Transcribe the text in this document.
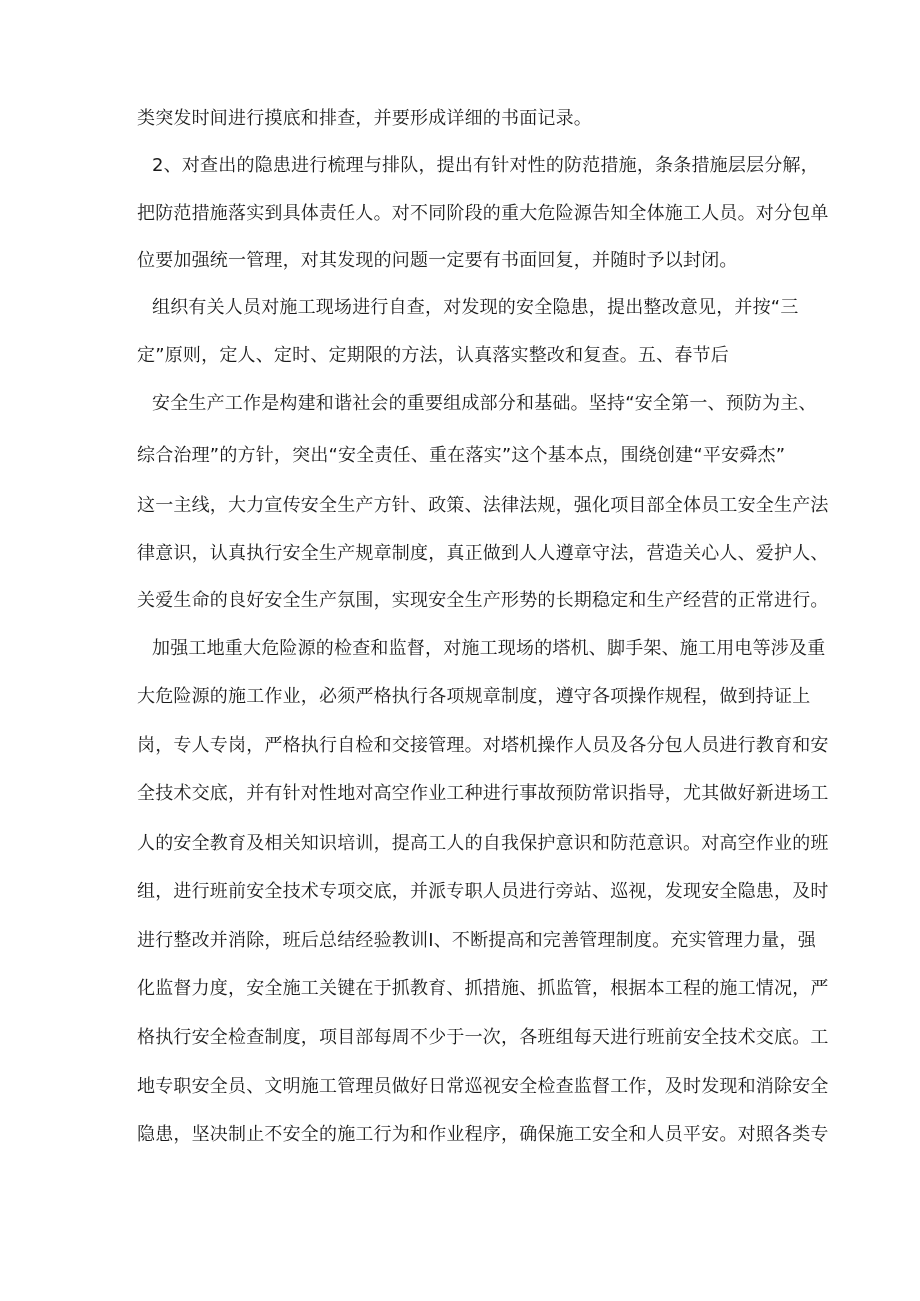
类突发时间进行摸底和排查，并要形成详细的书面记录。
2、对查出的隐患进行梳理与排队，提出有针对性的防范措施，条条措施层层分解，
把防范措施落实到具体责任人。对不同阶段的重大危险源告知全体施工人员。对分包单
位要加强统一管理，对其发现的问题一定要有书面回复，并随时予以封闭。
组织有关人员对施工现场进行自查，对发现的安全隐患，提出整改意见，并按“三
定”原则，定人、定时、定期限的方法，认真落实整改和复查。五、春节后
安全生产工作是构建和谐社会的重要组成部分和基础。坚持“安全第一、预防为主、
综合治理”的方针，突出“安全责任、重在落实”这个基本点，围绕创建“平安舜杰”
这一主线，大力宣传安全生产方针、政策、法律法规，强化项目部全体员工安全生产法
律意识，认真执行安全生产规章制度，真正做到人人遵章守法，营造关心人、爱护人、
关爱生命的良好安全生产氛围，实现安全生产形势的长期稳定和生产经营的正常进行。
加强工地重大危险源的检查和监督，对施工现场的塔机、脚手架、施工用电等涉及重
大危险源的施工作业，必须严格执行各项规章制度，遵守各项操作规程，做到持证上
岗，专人专岗，严格执行自检和交接管理。对塔机操作人员及各分包人员进行教育和安
全技术交底，并有针对性地对高空作业工种进行事故预防常识指导，尤其做好新进场工
人的安全教育及相关知识培训，提高工人的自我保护意识和防范意识。对高空作业的班
组，进行班前安全技术专项交底，并派专职人员进行旁站、巡视，发现安全隐患，及时
进行整改并消除，班后总结经验教训I、不断提高和完善管理制度。充实管理力量，强
化监督力度，安全施工关键在于抓教育、抓措施、抓监管，根据本工程的施工情况，严
格执行安全检查制度，项目部每周不少于一次，各班组每天进行班前安全技术交底。工
地专职安全员、文明施工管理员做好日常巡视安全检查监督工作，及时发现和消除安全
隐患，坚决制止不安全的施工行为和作业程序，确保施工安全和人员平安。对照各类专
